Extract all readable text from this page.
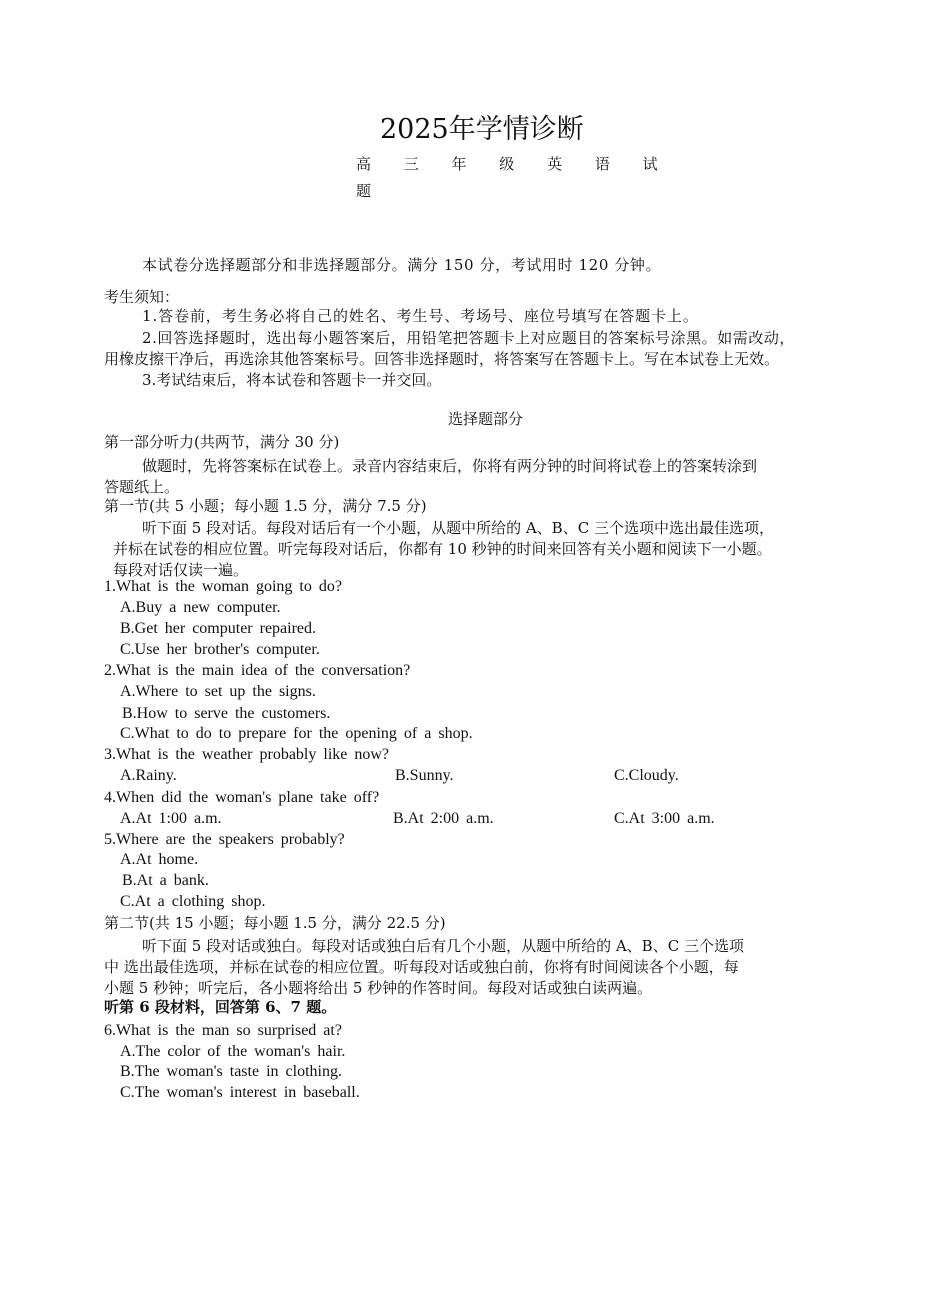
2025年学情诊断
高 三 年 级 英 语 试
题
本试卷分选择题部分和非选择题部分。满分 150 分，考试用时 120 分钟。
考生须知：
1.答卷前，考生务必将自己的姓名、考生号、考场号、座位号填写在答题卡上。
2.回答选择题时，选出每小题答案后，用铅笔把答题卡上对应题目的答案标号涂黑。如需改动，
用橡皮擦干净后，再选涂其他答案标号。回答非选择题时，将答案写在答题卡上。写在本试卷上无效。
3.考试结束后，将本试卷和答题卡一并交回。
选择题部分
第一部分听力(共两节，满分 30 分)
做题时，先将答案标在试卷上。录音内容结束后，你将有两分钟的时间将试卷上的答案转涂到
答题纸上。
第一节(共 5 小题；每小题 1.5 分，满分 7.5 分)
听下面 5 段对话。每段对话后有一个小题，从题中所给的 A、B、C 三个选项中选出最佳选项，
并标在试卷的相应位置。听完每段对话后，你都有 10 秒钟的时间来回答有关小题和阅读下一小题。
每段对话仅读一遍。
1.What is the woman going to do?
A.Buy a new computer.
B.Get her computer repaired.
C.Use her brother's computer.
2.What is the main idea of the conversation?
A.Where to set up the signs.
B.How to serve the customers.
C.What to do to prepare for the opening of a shop.
3.What is the weather probably like now?
A.Rainy.	B.Sunny.	C.Cloudy.
4.When did the woman's plane take off?
A.At 1:00 a.m.	B.At 2:00 a.m.	C.At 3:00 a.m.
5.Where are the speakers probably?
A.At home.
B.At a bank.
C.At a clothing shop.
第二节(共 15 小题；每小题 1.5 分，满分 22.5 分)
听下面 5 段对话或独白。每段对话或独白后有几个小题，从题中所给的 A、B、C 三个选项
中 选出最佳选项，并标在试卷的相应位置。听每段对话或独白前，你将有时间阅读各个小题，每
小题 5 秒钟；听完后，各小题将给出 5 秒钟的作答时间。每段对话或独白读两遍。
听第 6 段材料，回答第 6、7 题。
6.What is the man so surprised at?
A.The color of the woman's hair.
B.The woman's taste in clothing.
C.The woman's interest in baseball.
